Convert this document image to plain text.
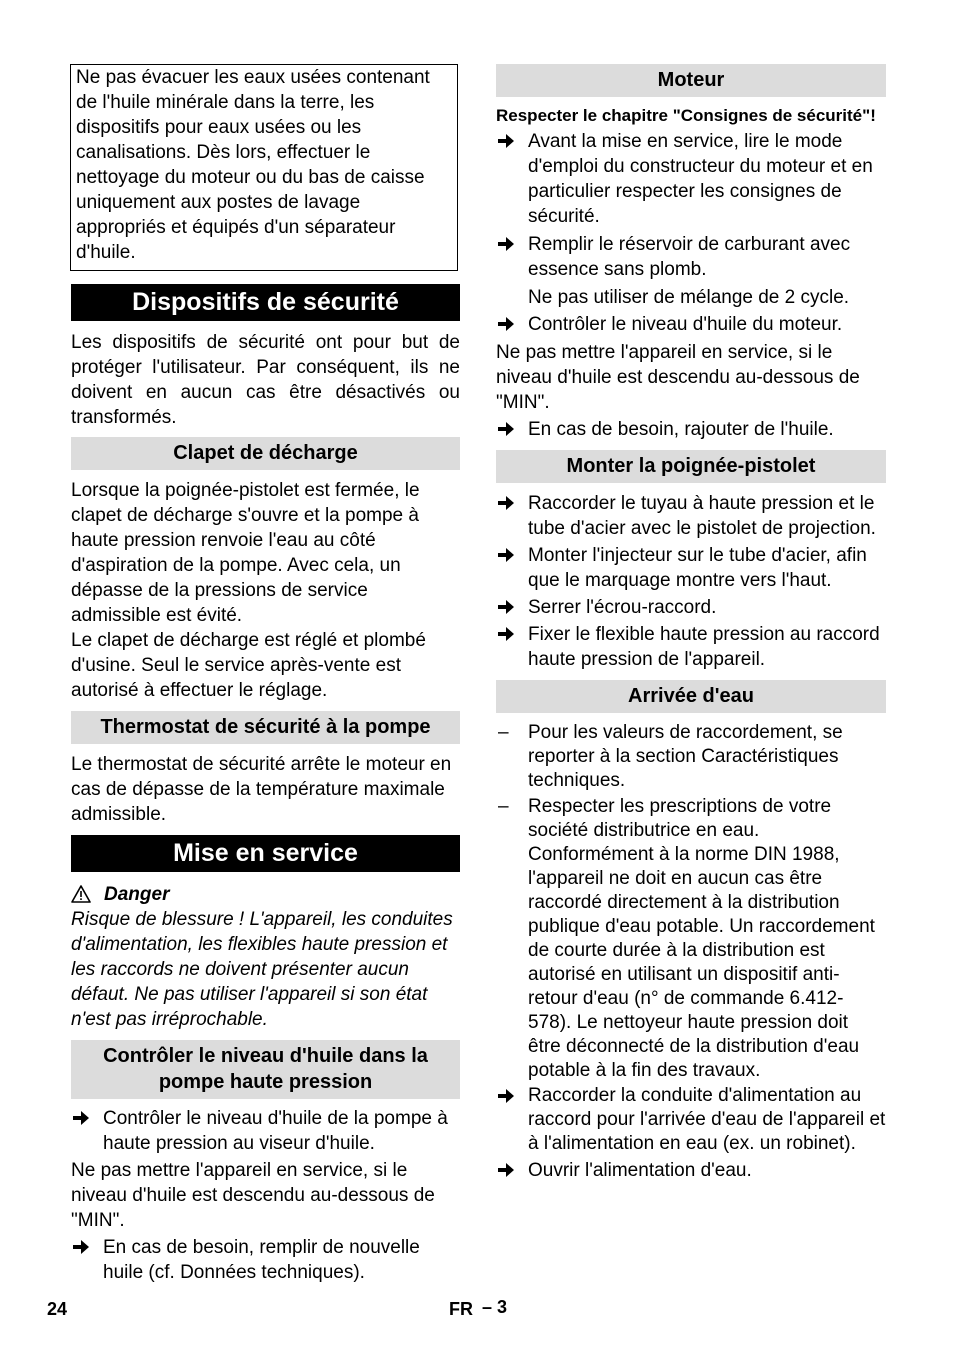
Ne pas évacuer les eaux usées contenant de l'huile minérale dans la terre, les dispositifs pour eaux usées ou les canalisations. Dès lors, effectuer le nettoyage du moteur ou du bas de caisse uniquement aux postes de lavage appropriés et équipés d'un séparateur d'huile.
Dispositifs de sécurité

Les dispositifs de sécurité ont pour but de protéger l'utilisateur. Par conséquent, ils ne doivent en aucun cas être désactivés ou transformés.

Clapet de décharge

Lorsque la poignée-pistolet est fermée, le clapet de décharge s'ouvre et la pompe à haute pression renvoie l'eau au côté d'aspiration de la pompe. Avec cela, un dépasse de la pressions de service admissible est évité.

Le clapet de décharge est réglé et plombé d'usine. Seul le service après-vente est autorisé à effectuer le réglage.

Thermostat de sécurité à la pompe

Le thermostat de sécurité arrête le moteur en cas de dépasse de la température maximale admissible.

Mise en service
Danger

Risque de blessure ! L'appareil, les conduites d'alimentation, les flexibles haute pression et les raccords ne doivent présenter aucun défaut. Ne pas utiliser l'appareil si son état n'est pas irréprochable.

Contrôler le niveau d'huile dans la pompe haute pression
Contrôler le niveau d'huile de la pompe à haute pression au viseur d'huile.

Ne pas mettre l'appareil en service, si le niveau d'huile est descendu au-dessous de "MIN".

En cas de besoin, remplir de nouvelle huile (cf. Données techniques).
Moteur

Respecter le chapitre "Consignes de sécurité"!

Avant la mise en service, lire le mode d'emploi du constructeur du moteur et en particulier respecter les consignes de sécurité.
Remplir le réservoir de carburant avec essence sans plomb.
Ne pas utiliser de mélange de 2 cycle.
Contrôler le niveau d'huile du moteur.

Ne pas mettre l'appareil en service, si le niveau d'huile est descendu au-dessous de "MIN".

En cas de besoin, rajouter de l'huile.
Monter la poignée-pistolet
Raccorder le tuyau à haute pression et le tube d'acier avec le pistolet de projection.
Monter l'injecteur sur le tube d'acier, afin que le marquage montre vers l'haut.
Serrer l'écrou-raccord.
Fixer le flexible haute pression au raccord haute pression de l'appareil.
Arrivée d'eau
– Pour les valeurs de raccordement, se reporter à la section Caractéristiques techniques.
– Respecter les prescriptions de votre société distributrice en eau. Conformément à la norme DIN 1988, l'appareil ne doit en aucun cas être raccordé directement à la distribution publique d'eau potable. Un raccordement de courte durée à la distribution est autorisé en utilisant un dispositif anti-retour d'eau (n° de commande 6.412-578). Le nettoyeur haute pression doit être déconnecté de la distribution d'eau potable à la fin des travaux.
Raccorder la conduite d'alimentation au raccord pour l'arrivée d'eau de l'appareil et à l'alimentation en eau (ex. un robinet).
Ouvrir l'alimentation d'eau.
24	FR – 3
